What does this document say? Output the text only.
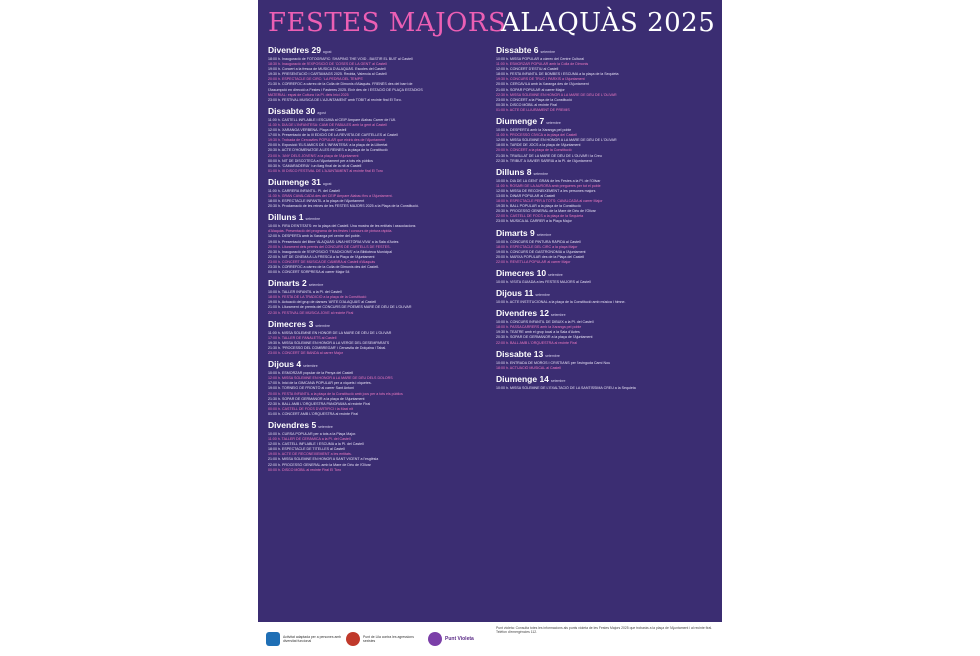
FESTES MAJORS
ALAQUÀS 2025
Divendres 29 agost
18:00 h. Inauguració de FOTOGRAFIC: SHAPING THE VOID - BASTIR EL BUIT al Castell
18:30 h. Inauguració de l'EXPOSICIÓ DE 'COSES DE LA GENT' al Castell
19:00 h. Concert a la fresca de MUSICA D'ALAQUÀS. Escoles del Castell
19:30 h. PRESENTACIÓ I CARTAMAGS 2025. Reobla, Valencia al Castell
20:00 h. ESPECTACLE DE CIRC: 'LA PEDRA DEL TEMPS'
21:30 h. CORREFOC a càrrec de la Colla de Dimonis d'Alaquàs. FRENÉS des del barri de
l'Assumpció en direcció a Festes i Fasteres 2025. Eixir des de I ESTACIÓ DE PLAÇA ESTADIOS
MATERIAL: espai de Cultura i la Pl. dels Inici 2025
23:00 h. FESTIVAL MUSICA DE L'AJUNTAMENT amb TOBIT al recinte firal El Toro.
Dissabte 30 agost
11:00 h. CASTELL INFLABLE I ESCUMA al CEIP Ampare Alabau Carrer de l'Ull.
11:30 h. DIA DE L'INFANTESA: CAMI DE FABULES amb la gent al Castell
12:00 h. XARANGA VERBENA. Plaça del Castell
17:00 h. Presentació de la III EDICIÓ DE LA REVISTA DE CARTELLES al Castell
19:30 h. Trobada de Cercaviles POPULAR que eixirà des de l'Ajuntament
20:00 h. Exposició 'ELS AMICS DE L'INFANTESA' a la plaça de la Llibertat
20:30 h. ACTE D'HOMENATGE A LES REINES a la plaça de la Constitució
23:00 h. 'ANY DELS JÒVENS' a la plaça de l'Ajuntament
00:00 h. NIT DE DISCOTECA a l'Ajuntament per a tots els públics
00:30 h. 'CAMARADERIA' i un llarg final de la nit al Castell
01:00 h. III DISCO FESTIVAL DE L'AJUNTAMENT al recinte firal El Toro
Diumenge 31 agost
11:00 h. CARRERA INFANTIL. Pl. del Castell
11:30 h. GRAN CAVALCADA des del CEIP Ampare Alabau fins a l'Ajuntament.
18:00 h. ESPECTACLE INFANTIL a la plaça de l'Ajuntament
20:30 h. Proclamació de les reines de les FESTES MAJORS 2025 a la Plaça de la Constitució.
Dilluns 1 setembre
10:00 h. FIRA D'ENTITATS: en la plaça del Castell. Una mostra de les entitats i associacions
d'Alaquàs. Presentació del programa de les festes i concurs de pintura ràpida.
12:00 h. DESPERTA amb la Xaranga pel centre del poble.
19:00 h. Presentació del llibre 'ALAQUÀS: UNA HISTÒRIA VIVA' a la Sala d'Actes
20:00 h. Lliurament dels premis del CONCURS DE CARTELLS DE FESTES.
20:30 h. Inauguració de l'EXPOSICIÓ 'TRADICIONS' a la Biblioteca Municipal
22:00 h. NIT DE CINEMA A LA FRESCA a la Plaça de l'Ajuntament
23:00 h. CONCERT DE MÚSICA DE CAMBRA al Castell d'Alaquàs
23:30 h. CORREFOC a càrrec de la Colla de Dimonis des del Castell.
00:00 h. CONCERT SORPRESA al carrer Major 54
Dimarts 2 setembre
10:00 h. TALLER INFANTIL a la Pl. del Castell
18:00 h. FESTA DE LA TRADICIÓ a la plaça de la Constitució
19:00 h. Actuació del grup de danses 'ARTE D'ALAQUÀS' al Castell
21:00 h. Lliurament de premis del CONCURS DE POEMES MARE DE DÉU DE L'OLIVAR
22:30 h. FESTIVAL DE MÚSICA JOVE al recinte Firal
Dimecres 3 setembre
11:00 h. MISSA SOLEMNE EN HONOR DE LA MARE DE DÉU DE L'OLIVAR
17:00 h. TALLER DE FANALETS al Castell
19:30 h. MISSA SOLEMNE EN HONOR A LA VERGE DEL DESEMPARATS
21:30 h. 'PROCESSÓ DEL COMBREGAR' i Cercavila de Dolçaina i Tabal.
23:00 h. CONCERT DE BANDA al carrer Major
Dijous 4 setembre
10:00 h. ESMORZAR popular de la Penya del Castell
12:00 h. MISSA SOLEMNE EN HONOR A LA MARE DE DÉU DELS DOLORS
17:00 h. Inici de la GIMCANA POPULAR per a xiquets i xiquetes.
19:00 h. TORNEIG DE FRONTÓ al carrer Sant Antoni
20:00 h. FESTA INFANTIL a la plaça de la Constitució amb jocs per a tots els públics
21:30 h. SOPAR DE GERMANOR a la plaça de l'Ajuntament
22:30 h. BALL AMB L'ORQUESTRA PANORAMA al recinte Firal
00:00 h. CASTELL DE FOCS D'ARTIFICI i la Maxi nit
01:00 h. CONCERT AMB L'ORQUESTRA al recinte Firal
Divendres 5 setembre
10:00 h. CURSA POPULAR per a tots a la Plaça Major.
11:00 h. TALLER DE CERÀMICA a la Pl. del Castell
12:00 h. CASTELL INFLABLE I ESCUMA a la Pl. del Castell
18:00 h. ESPECTACLE DE TITELLES al Castell
19:00 h. ACTE DE RECONEIXEMENT a les entitats.
21:00 h. MISSA SOLEMNE EN HONOR A SANT VICENT a l'església
22:00 h. PROCESSÓ GENERAL amb la Mare de Déu de l'Olivar
00:00 h. DISCO MÒBIL al recinte Firal El Toro
Dissabte 6 setembre
10:00 h. MISSA POPULAR a càrrec del Centre Cultural
11:00 h. ESMORZAR POPULAR amb la Colla de Dimonis
12:00 h. CONCERT D'ESTIU al Castell
18:00 h. FESTA INFANTIL DE BOMBES i ESCUMA a la plaça de la Sequieta
19:30 h. CONCURS DE TRUC I PARXÍS a l'Ajuntament
20:00 h. CERCAVILA amb la Xaranga des de l'Ajuntament
21:00 h. SOPAR POPULAR al carrer Major
22:30 h. MISSA SOLEMNE EN HONOR A LA MARE DE DÉU DE L'OLIVAR
23:00 h. CONCERT a la Plaça de la Constitució
00:30 h. DISCO MÒBIL al recinte Firal
01:00 h. ACTE DE LLIURAMENT DE PREMIS
Diumenge 7 setembre
10:00 h. DESPERTÀ amb la Xaranga pel poble
11:00 h. PROCESSÓ CÍVICA a la plaça del Castell
12:00 h. MISSA SOLEMNE EN HONOR A LA MARE DE DÉU DE L'OLIVAR
18:00 h. TARDE DE JOCS a la plaça de l'Ajuntament
20:00 h. CONCERT a la plaça de la Constitució
21:30 h. TRASLLAT DE LA MARE DE DÉU DE L'OLIVAR i la Creu
22:30 h. TRIBUT A XAVIER SARRIÀ a la Pl. de l'Ajuntament
Dilluns 8 setembre
10:00 h. DIA DE LA GENT GRAN de les Festes a la Pl. de l'Olivar
11:00 h. ROSARI DE LA AURORA amb pregueres per tot el poble
12:00 h. MISSA DE RECONEIXEMENT a les persones majors
13:00 h. DINAR POPULAR al Castell
18:00 h. ESPECTACLE PER A TOTS: CAVALCADA al carrer Major
19:30 h. BALL POPULAR a la plaça de la Constitució
20:30 h. PROCESSÓ GENERAL de la Mare de Déu de l'Olivar
22:00 h. CASTELL DE FOCS a la plaça de la Sequieta
23:00 h. MÚSICA AL CARRER a la Plaça Major
Dimarts 9 setembre
10:00 h. CONCURS DE PINTURA RÀPIDA al Castell
18:00 h. ESPECTACLE DEL CIRC a la plaça Major
19:00 h. CONCURS DE GASTRONOMIA a l'Ajuntament
20:00 h. MARXA POPULAR des de la Plaça del Castell
22:00 h. REVETLLA POPULAR al carrer Major
Dimecres 10 setembre
10:00 h. VISITA GUIADA a les FESTES MAJORS al Castell
Dijous 11 setembre
10:00 h. ACTE INSTITUCIONAL a la plaça de la Constitució amb música i himne.
Divendres 12 setembre
10:00 h. CONCURS INFANTIL DE DIBUIX a la Pl. del Castell
18:00 h. PASSACARRERS amb la Xaranga pel poble
19:30 h. TEATRE amb el grup local a la Sala d'Actes
20:30 h. SOPAR DE GERMANOR a la plaça de l'Ajuntament
22:00 h. BALL AMB L'ORQUESTRA al recinte Firal
Dissabte 13 setembre
10:00 h. ENTRADA DE MOROS I CRISTIANS per l'avinguda Camí Nou
18:00 h. ACTUACIÓ MUSICAL al Castell
Diumenge 14 setembre
10:00 h. MISSA SOLEMNE DE L'EXALTACIÓ DE LA SANTÍSSIMA CREU a la Sequieta
Activitat adaptada per a persones amb diversitat funcional
Punt de Lila contra les agressions sexistes	Punt Violeta
Punt violeta: Consulta totes les informacions als punts violeta de les Festes Majors 2025 que trobaràs a la plaça de l'Ajuntament i al recinte firal. Telèfon d'emergències 112.
